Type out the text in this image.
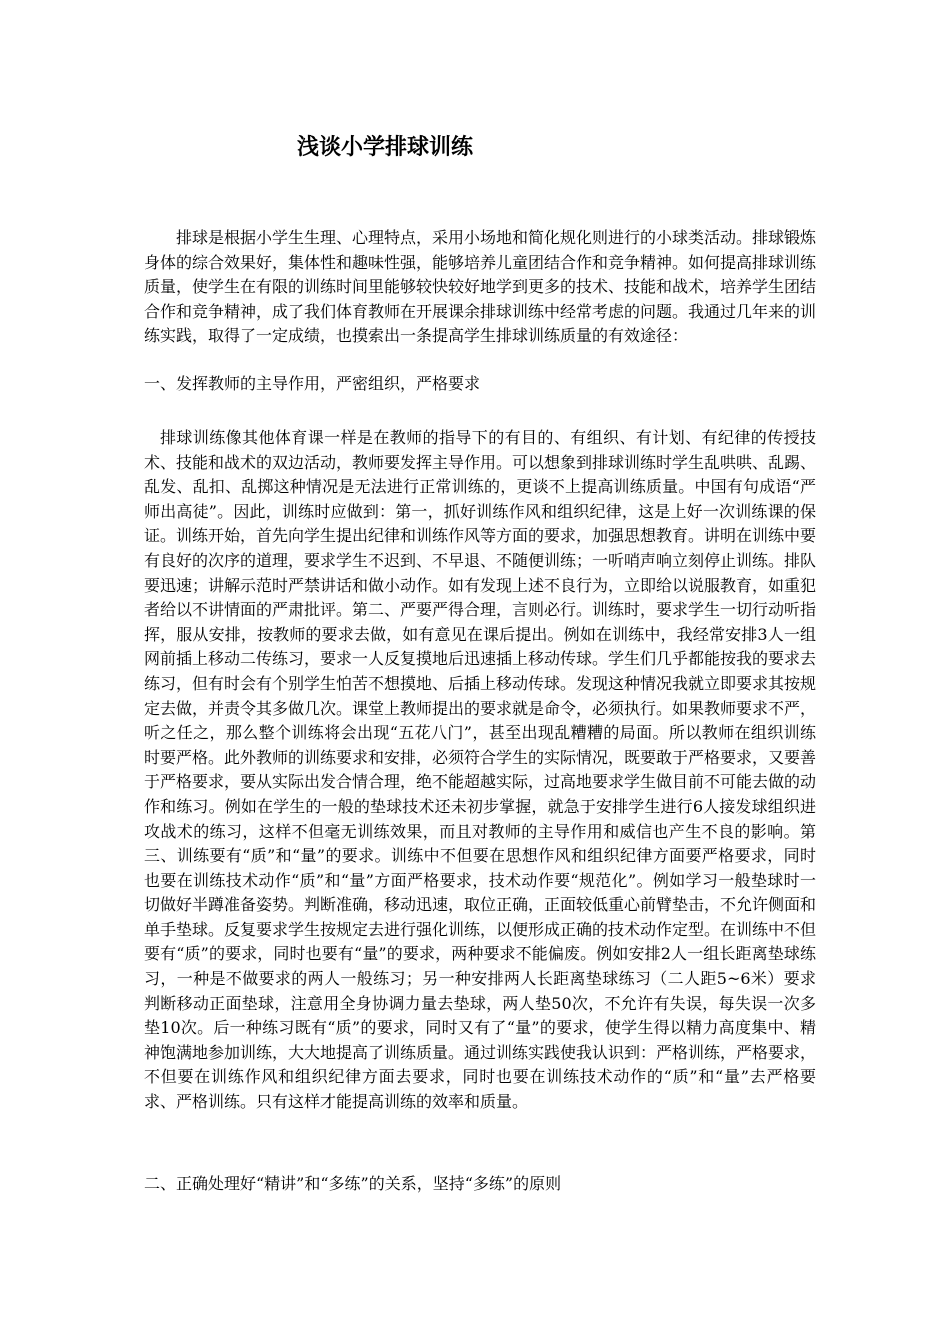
浅谈小学排球训练
排球是根据小学生生理、心理特点，采用小场地和简化规化则进行的小球类活动。排球锻炼身体的综合效果好，集体性和趣味性强，能够培养儿童团结合作和竞争精神。如何提高排球训练质量，使学生在有限的训练时间里能够较快较好地学到更多的技术、技能和战术，培养学生团结合作和竞争精神，成了我们体育教师在开展课余排球训练中经常考虑的问题。我通过几年来的训练实践，取得了一定成绩，也摸索出一条提高学生排球训练质量的有效途径：
一、发挥教师的主导作用，严密组织，严格要求
排球训练像其他体育课一样是在教师的指导下的有目的、有组织、有计划、有纪律的传授技术、技能和战术的双边活动，教师要发挥主导作用。可以想象到排球训练时学生乱哄哄、乱踢、乱发、乱扣、乱掷这种情况是无法进行正常训练的，更谈不上提高训练质量。中国有句成语“严师出高徒”。因此，训练时应做到：第一，抓好训练作风和组织纪律，这是上好一次训练课的保证。训练开始，首先向学生提出纪律和训练作风等方面的要求，加强思想教育。讲明在训练中要有良好的次序的道理，要求学生不迟到、不早退、不随便训练；一听哨声响立刻停止训练。排队要迅速；讲解示范时严禁讲话和做小动作。如有发现上述不良行为，立即给以说服教育，如重犯者给以不讲情面的严肃批评。第二、严要严得合理，言则必行。训练时，要求学生一切行动听指挥，服从安排，按教师的要求去做，如有意见在课后提出。例如在训练中，我经常安排3人一组网前插上移动二传练习，要求一人反复摸地后迅速插上移动传球。学生们几乎都能按我的要求去练习，但有时会有个别学生怕苦不想摸地、后插上移动传球。发现这种情况我就立即要求其按规定去做，并责令其多做几次。课堂上教师提出的要求就是命令，必须执行。如果教师要求不严，听之任之，那么整个训练将会出现“五花八门”，甚至出现乱糟糟的局面。所以教师在组织训练时要严格。此外教师的训练要求和安排，必须符合学生的实际情况，既要敢于严格要求，又要善于严格要求，要从实际出发合情合理，绝不能超越实际，过高地要求学生做目前不可能去做的动作和练习。例如在学生的一般的垫球技术还未初步掌握，就急于安排学生进行6人接发球组织进攻战术的练习，这样不但毫无训练效果，而且对教师的主导作用和威信也产生不良的影响。第三、训练要有“质”和“量”的要求。训练中不但要在思想作风和组织纪律方面要严格要求，同时也要在训练技术动作“质”和“量”方面严格要求，技术动作要“规范化”。例如学习一般垫球时一切做好半蹲准备姿势。判断准确，移动迅速，取位正确，正面较低重心前臂垫击，不允许侧面和单手垫球。反复要求学生按规定去进行强化训练，以便形成正确的技术动作定型。在训练中不但要有“质”的要求，同时也要有“量”的要求，两种要求不能偏废。例如安排2人一组长距离垫球练习，一种是不做要求的两人一般练习；另一种安排两人长距离垫球练习（二人距5~6米）要求判断移动正面垫球，注意用全身协调力量去垫球，两人垫50次，不允许有失误，每失误一次多垫10次。后一种练习既有“质”的要求，同时又有了“量”的要求，使学生得以精力高度集中、精神饱满地参加训练，大大地提高了训练质量。通过训练实践使我认识到：严格训练，严格要求，不但要在训练作风和组织纪律方面去要求，同时也要在训练技术动作的“质”和“量”去严格要求、严格训练。只有这样才能提高训练的效率和质量。
二、正确处理好“精讲”和“多练”的关系，坚持“多练”的原则
